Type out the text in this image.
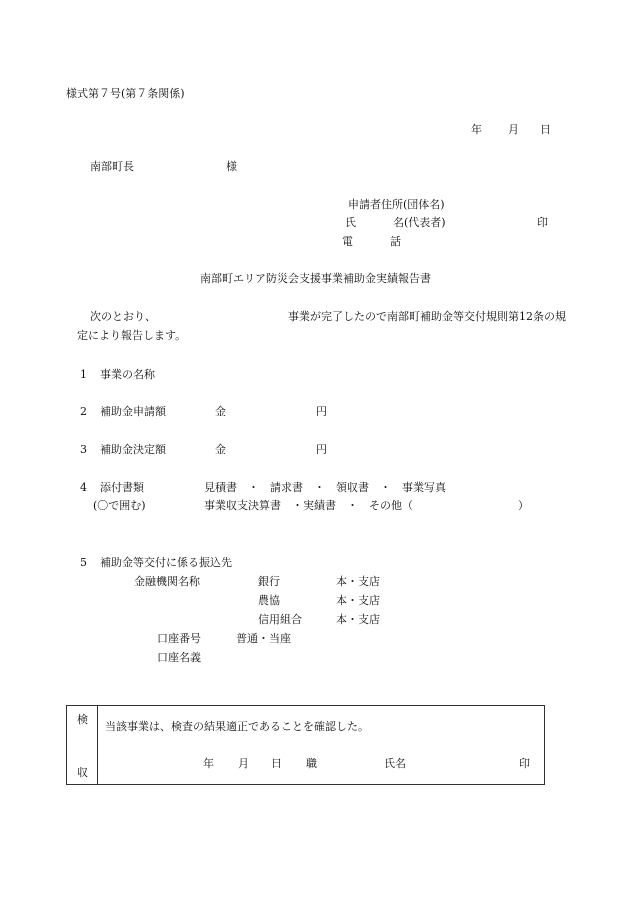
様式第７号(第７条関係)
年 月 日
南部町長	様
申請者住所(団体名)
氏	名(代表者)	印
電	話
南部町エリア防災会支援事業補助金実績報告書
次のとおり、	事業が完了したので南部町補助金等交付規則第12条の規
定により報告します。
1 事業の名称
2 補助金申請額	金	円
3 補助金決定額	金	円
4 添付書類	見積書　・　請求書　・　領収書　・　事業写真
(〇で囲む)	事業収支決算書　・実績書　・　その他（	）
5 補助金等交付に係る振込先
金融機関名称	銀行	本・支店
農協	本・支店
信用組合	本・支店
口座番号	普通・当座
口座名義
検
収
当該事業は、検査の結果適正であることを確認した。
年 月 日 職	氏名	印
